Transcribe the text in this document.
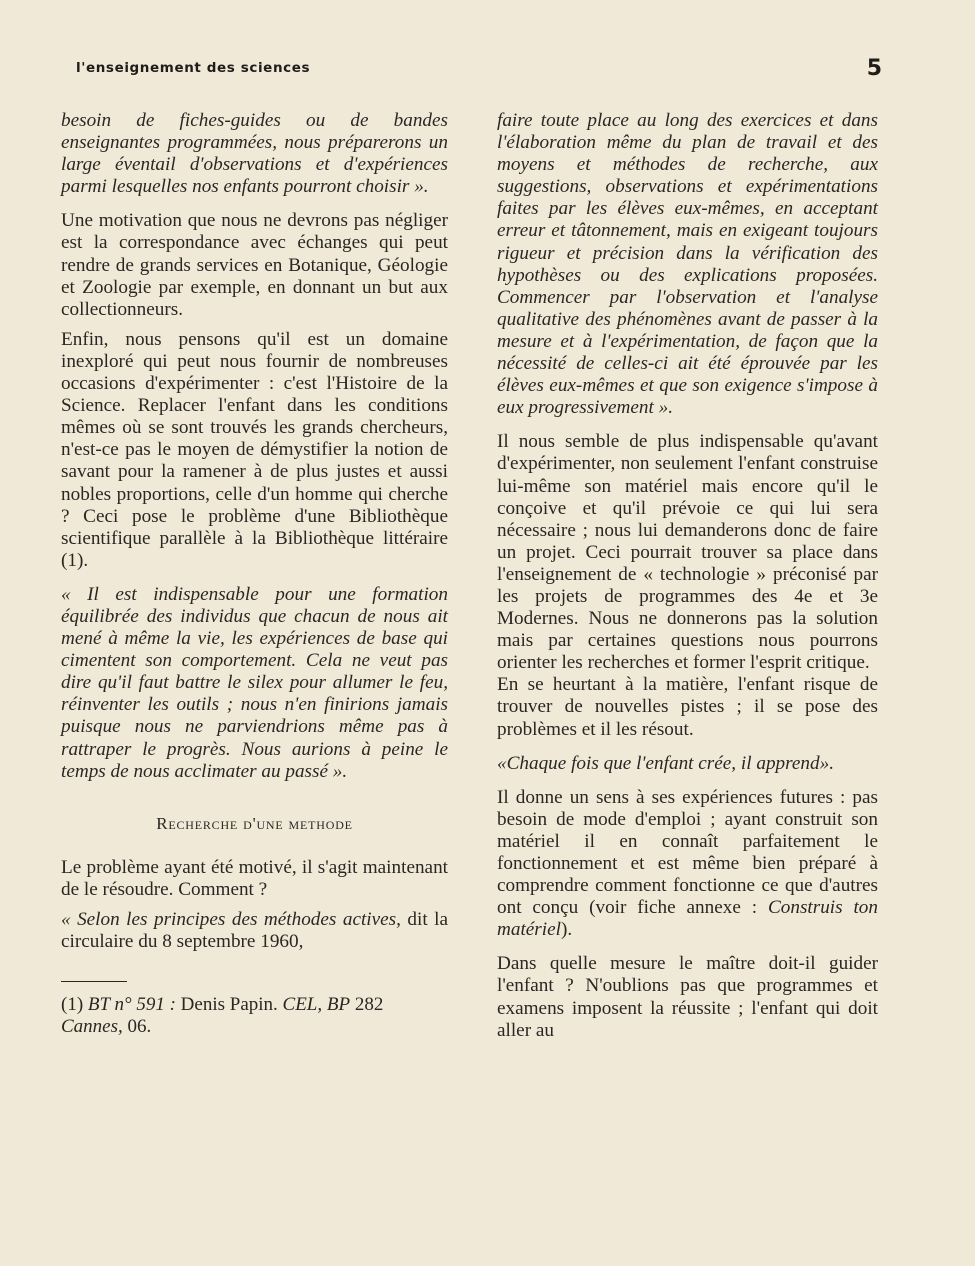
l'enseignement des sciences	5

besoin de fiches-guides ou de bandes enseignantes programmées, nous préparerons un large éventail d'observations et d'expériences parmi lesquelles nos enfants pourront choisir ».

Une motivation que nous ne devrons pas négliger est la correspondance avec échanges qui peut rendre de grands services en Botanique, Géologie et Zoologie par exemple, en donnant un but aux collectionneurs.

Enfin, nous pensons qu'il est un domaine inexploré qui peut nous fournir de nombreuses occasions d'expérimenter : c'est l'Histoire de la Science. Replacer l'enfant dans les conditions mêmes où se sont trouvés les grands chercheurs, n'est-ce pas le moyen de démystifier la notion de savant pour la ramener à de plus justes et aussi nobles proportions, celle d'un homme qui cherche ? Ceci pose le problème d'une Bibliothèque scientifique parallèle à la Bibliothèque littéraire (1).

« Il est indispensable pour une formation équilibrée des individus que chacun de nous ait mené à même la vie, les expériences de base qui cimentent son comportement. Cela ne veut pas dire qu'il faut battre le silex pour allumer le feu, réinventer les outils ; nous n'en finirions jamais puisque nous ne parviendrions même pas à rattraper le progrès. Nous aurions à peine le temps de nous acclimater au passé ».

Recherche d'une methode

Le problème ayant été motivé, il s'agit maintenant de le résoudre. Comment ?

« Selon les principes des méthodes actives, dit la circulaire du 8 septembre 1960,

(1) BT n° 591 : Denis Papin. CEL, BP 282 Cannes, 06.

faire toute place au long des exercices et dans l'élaboration même du plan de travail et des moyens et méthodes de recherche, aux suggestions, observations et expérimentations faites par les élèves eux-mêmes, en acceptant erreur et tâtonnement, mais en exigeant toujours rigueur et précision dans la vérification des hypothèses ou des explications proposées. Commencer par l'observation et l'analyse qualitative des phénomènes avant de passer à la mesure et à l'expérimentation, de façon que la nécessité de celles-ci ait été éprouvée par les élèves eux-mêmes et que son exigence s'impose à eux progressivement ».

Il nous semble de plus indispensable qu'avant d'expérimenter, non seulement l'enfant construise lui-même son matériel mais encore qu'il le conçoive et qu'il prévoie ce qui lui sera nécessaire ; nous lui demanderons donc de faire un projet. Ceci pourrait trouver sa place dans l'enseignement de « technologie » préconisé par les projets de programmes des 4e et 3e Modernes. Nous ne donnerons pas la solution mais par certaines questions nous pourrons orienter les recherches et former l'esprit critique.

En se heurtant à la matière, l'enfant risque de trouver de nouvelles pistes ; il se pose des problèmes et il les résout.

«Chaque fois que l'enfant crée, il apprend».

Il donne un sens à ses expériences futures : pas besoin de mode d'emploi ; ayant construit son matériel il en connaît parfaitement le fonctionnement et est même bien préparé à comprendre comment fonctionne ce que d'autres ont conçu (voir fiche annexe : Construis ton matériel).

Dans quelle mesure le maître doit-il guider l'enfant ? N'oublions pas que programmes et examens imposent la réussite ; l'enfant qui doit aller au
